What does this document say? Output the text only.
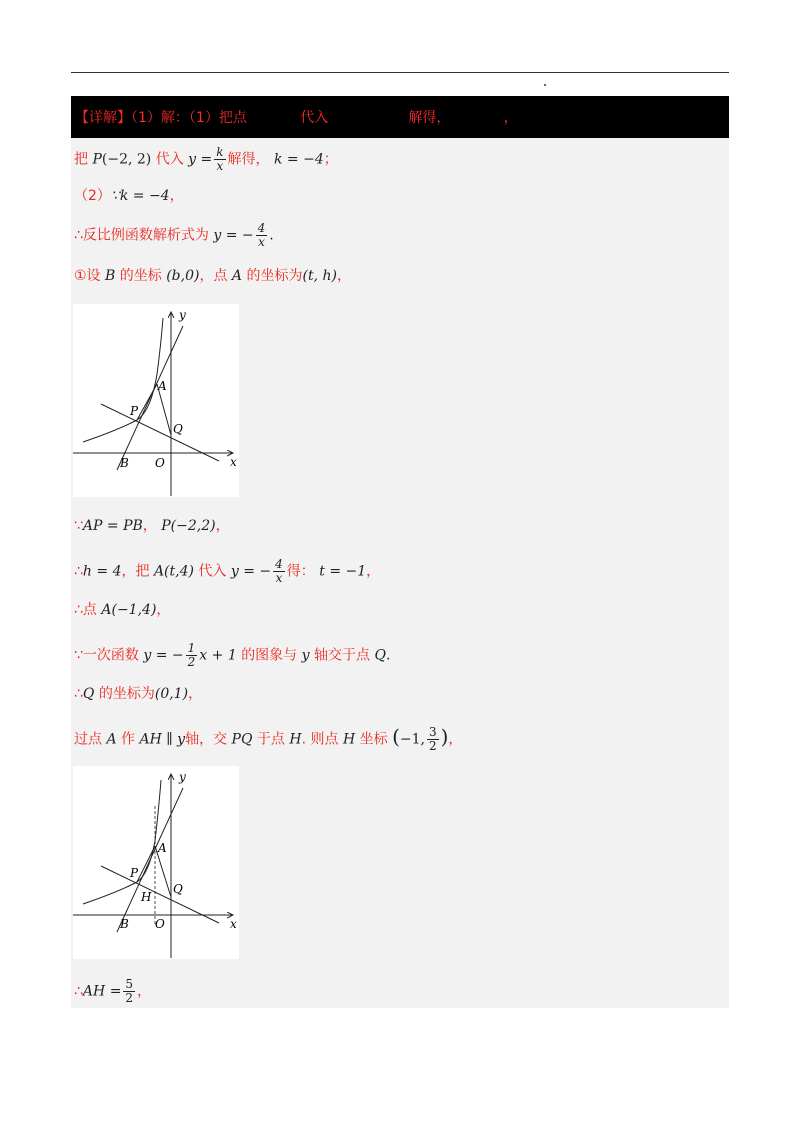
【详解】（1）解：（1）把点            代入                  解得，            ，
把 P(−2, 2) 代入 $y = \frac{k}{x}$ 解得， k = −4；
（2）∵k = −4，
∴反比例函数解析式为 y = − $\frac{4}{x}$ .
①设 B 的坐标 (b,0)，点 A 的坐标为(t, h)，
y
x
A
P
Q
B O
∵AP = PB， P(−2,2)，
∴h = 4，把 A(t,4) 代入 y = − $\frac{4}{x}$ 得： t = −1，
∴点 A(−1,4)，
∵一次函数 y = − $\frac{1}{2}$ x + 1 的图象与 y 轴交于点 Q.
∴Q 的坐标为(0,1)，
过点 A 作 AH ∥ y轴，交 PQ 于点 H. 则点 H 坐标 (−1, $\frac{3}{2}$ )，
y
x
A
P
Q
H
B O
∴AH = $\frac{5}{2}$ ，
